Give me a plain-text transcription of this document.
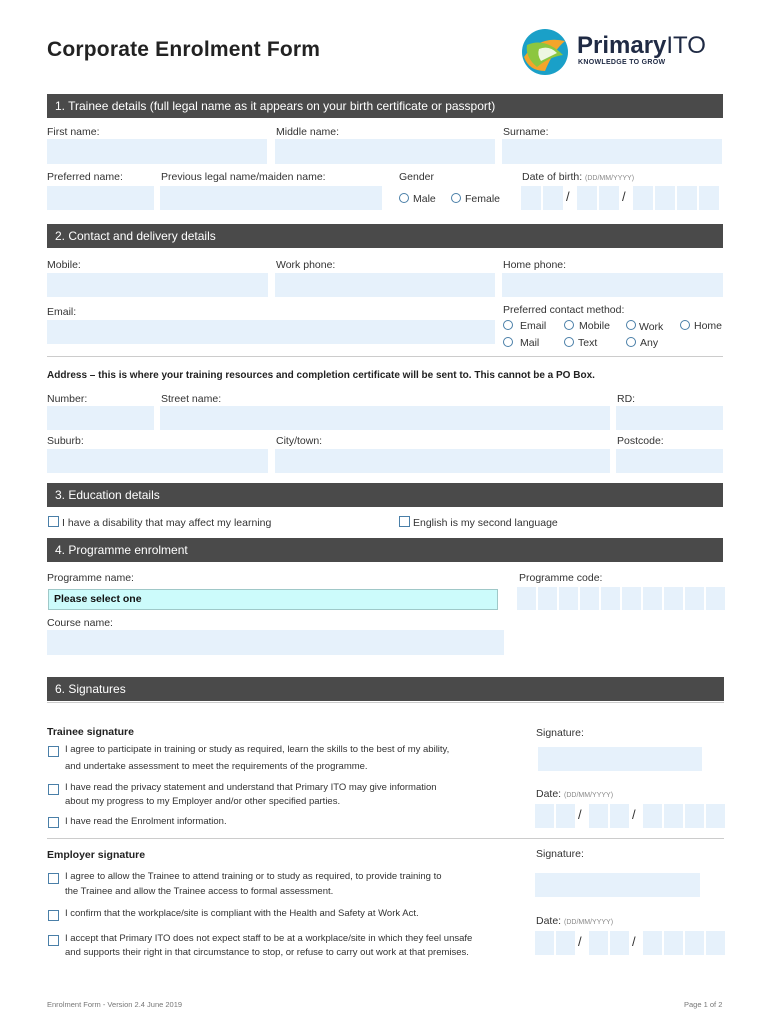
Corporate Enrolment Form	PrimaryITO
KNOWLEDGE TO GROW
1. Trainee details (full legal name as it appears on your birth certificate or passport)
First name:	Middle name:	Surname:
Preferred name:	Previous legal name/maiden name:	Gender	Date of birth: (DD/MM/YYYY)
Male	Female	/	/
2. Contact and delivery details
Mobile:	Work phone:	Home phone:
Email:	Preferred contact method:
Email	Mobile	Work	Home
Mail	Text	Any
Address – this is where your training resources and completion certificate will be sent to. This cannot be a PO Box.
Number:	Street name:	RD:
Suburb:	City/town:	Postcode:
3. Education details
I have a disability that may affect my learning	English is my second language
4. Programme enrolment
Programme name:	Programme code:
Please select one
Course name:
6. Signatures
Trainee signature
I agree to participate in training or study as required, learn the skills to the best of my ability,
and undertake assessment to meet the requirements of the programme.
I have read the privacy statement and understand that Primary ITO may give information
about my progress to my Employer and/or other specified parties.
I have read the Enrolment information.
Signature:
Date: (DD/MM/YYYY)
/	/
Employer signature
I agree to allow the Trainee to attend training or to study as required, to provide training to
the Trainee and allow the Trainee access to formal assessment.
I confirm that the workplace/site is compliant with the Health and Safety at Work Act.
I accept that Primary ITO does not expect staff to be at a workplace/site in which they feel unsafe
and supports their right in that circumstance to stop, or refuse to carry out work at that premises.
Signature:
Date: (DD/MM/YYYY)
/	/
Enrolment Form - Version 2.4 June 2019	Page 1 of 2
